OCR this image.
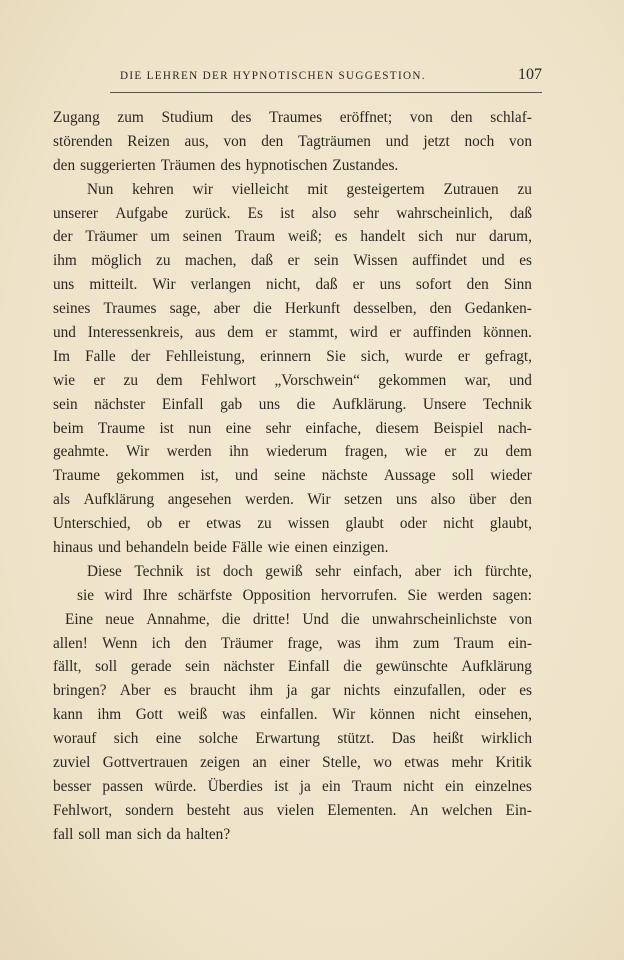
DIE LEHREN DER HYPNOTISCHEN SUGGESTION.	107
Zugang zum Studium des Traumes eröffnet; von den schlaf-
störenden Reizen aus, von den Tagträumen und jetzt noch von
den suggerierten Träumen des hypnotischen Zustandes.
Nun kehren wir vielleicht mit gesteigertem Zutrauen zu
unserer Aufgabe zurück. Es ist also sehr wahrscheinlich, daß
der Träumer um seinen Traum weiß; es handelt sich nur darum,
ihm möglich zu machen, daß er sein Wissen auffindet und es
uns mitteilt. Wir verlangen nicht, daß er uns sofort den Sinn
seines Traumes sage, aber die Herkunft desselben, den Gedanken-
und Interessenkreis, aus dem er stammt, wird er auffinden können.
Im Falle der Fehlleistung, erinnern Sie sich, wurde er gefragt,
wie er zu dem Fehlwort „Vorschwein“ gekommen war, und
sein nächster Einfall gab uns die Aufklärung. Unsere Technik
beim Traume ist nun eine sehr einfache, diesem Beispiel nach-
geahmte. Wir werden ihn wiederum fragen, wie er zu dem
Traume gekommen ist, und seine nächste Aussage soll wieder
als Aufklärung angesehen werden. Wir setzen uns also über den
Unterschied, ob er etwas zu wissen glaubt oder nicht glaubt,
hinaus und behandeln beide Fälle wie einen einzigen.
Diese Technik ist doch gewiß sehr einfach, aber ich fürchte,
sie wird Ihre schärfste Opposition hervorrufen. Sie werden sagen:
Eine neue Annahme, die dritte! Und die unwahrscheinlichste von
allen! Wenn ich den Träumer frage, was ihm zum Traum ein-
fällt, soll gerade sein nächster Einfall die gewünschte Aufklärung
bringen? Aber es braucht ihm ja gar nichts einzufallen, oder es
kann ihm Gott weiß was einfallen. Wir können nicht einsehen,
worauf sich eine solche Erwartung stützt. Das heißt wirklich
zuviel Gottvertrauen zeigen an einer Stelle, wo etwas mehr Kritik
besser passen würde. Überdies ist ja ein Traum nicht ein einzelnes
Fehlwort, sondern besteht aus vielen Elementen. An welchen Ein-
fall soll man sich da halten?
